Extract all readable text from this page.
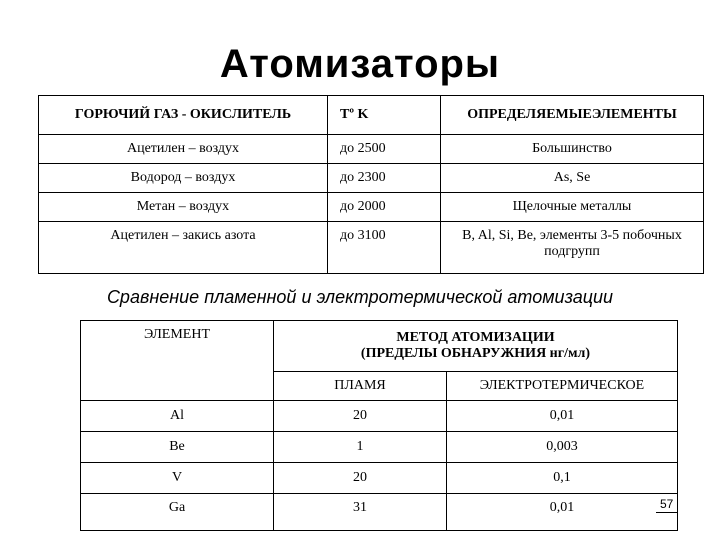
Атомизаторы
ГОРЮЧИЙ ГАЗ - ОКИСЛИТЕЛЬ	Tº K	ОПРЕДЕЛЯЕМЫЕЭЛЕМЕНТЫ
Ацетилен – воздух	до 2500	Большинство
Водород – воздух	до 2300	As, Se
Метан – воздух	до 2000	Щелочные металлы
Ацетилен – закись азота	до 3100	B, Al, Si, Be, элементы 3-5 побочных подгрупп
Сравнение пламенной и электротермической атомизации
ЭЛЕМЕНТ	МЕТОД АТОМИЗАЦИИ
(ПРЕДЕЛЫ ОБНАРУЖНИЯ нг/мл)	

	ПЛАМЯ	ЭЛЕКТРОТЕРМИЧЕСКОЕ
Al	20	0,01
Be	1	0,003
V	20	0,1
Ga	31	0,01	57
